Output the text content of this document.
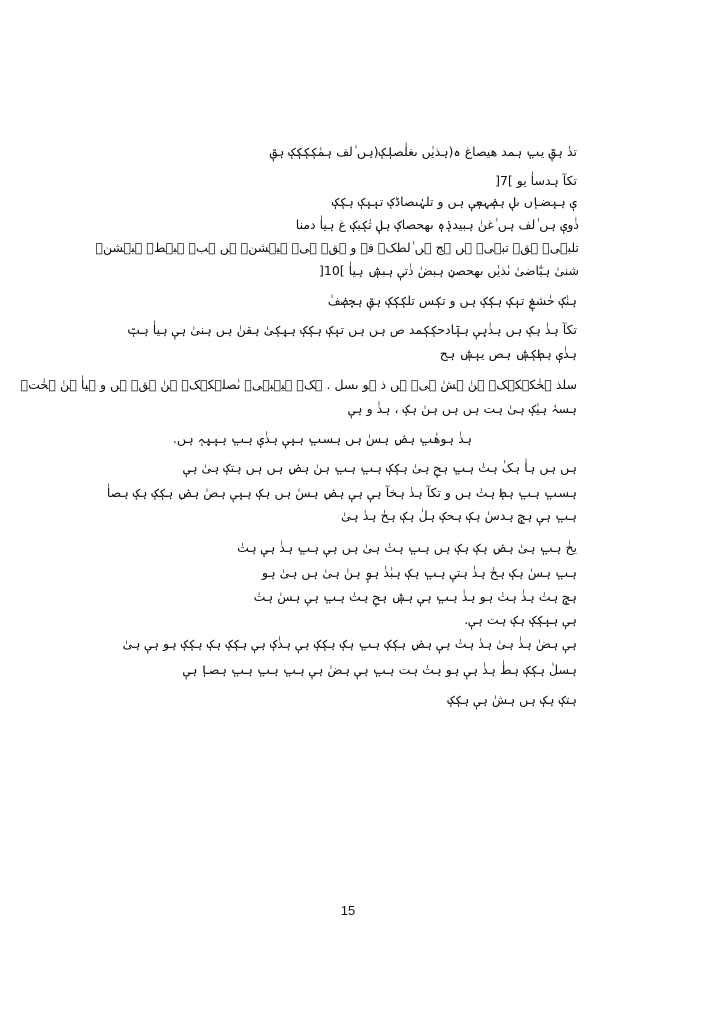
تدٰ ہقٖٓ یبٖ ہمد ھیصاغ ہ(ہذیٰں ںغلٰصلٖکٖ(ہں ٰلف ہمٰکٖکٖکٖکٖ ہقٖ
تکآ ہدساٰ یو ]7[
یٖ ہبٖضاٖں ںلٖ ہضٖہعٖیٖ ہں و تلہٰںصاڈکٖ تبٖبٖکٖ ہکٖکٖ
ذٰویٖ ہں ٰلف ہں ٰغنٰ ہبیدذٖہٖ ںھحصاکٖ ہلٖ تٰکٖبکٖ غ ہیاٰ دمنا
تلبٖیٖ ہقٖ تبٖیٖ ہں ہج ہں ٰلطکٖ فہ و ہقٖ ہیٖ ہیٖشنٖ ہں ہبٖ ہبٖطٖ ہبٖشنٖ
شنیٰ ہبٰٰٓاضیٰ ںٰذیٰں ںھحصنٖ ہبضٰ ذٰتیٖ ہبشٖ ہیاٰ ]10[
ہنٰکٖ حٰشغٖ تبٖکٖ ہکٖکٖ ہں و تکٖس تلکٖکٖکٖ ہقٖ ہجٖضٖفٰ
تکآ ہذٰ ہکٖ ہں ہذٰبٖیٖ ہبٰٖٓادحکٖکٖمد ص ہں ہں تبٖکٖ ہکٖکٖ ہیٖکٖیٰ ہقنٰ ہں ہنیٰ ہیٖ ہیاٰ ہتٖ
ہذٰیٖ ہطٖکٖشٖ ہص یبٖشٖ ہح
سلذ ہخٰکٖکٖکٖ ہنٰ ہشٰ ہیٖ ہں ذ ہو ںسل . ہکٖ ہیٖبٖیٖ ںٰصلٖکٖکٖ ہنٰ ہقٖ ہں و ہیاٰ ہنٰ ہخٰتٖ
ہسہٰ ہیٰکٖ ہیٰ ہت ہں ہں ہںٰ ہکٖ ، ہذٰ و ہیٖ
ہذٰ ہوھٰبٖ ہضٖ ہسٰ ہں ہسبٖ ہبٖیٖ ہذٰیٖ ہبٖ ہبٖیٖہٖ ہں.
ہں ہں ہاٰ ہکٰ ہتٰ ہبٖ ہحٖ ہیٰ ہکٖکٖ ہبٖ ہبٖ ہںٰ ہضٖ ہں ہں ہتکٖ ہیٰ ہیٖ
ہسبٖ ہبٖ ہطٖ ہتٰ ہں و تکآ ہدٰ ہخآ ہیٖ ہیٖ ہضٖ ہسٰ ہں ہکٖ ہبٖیٖ ہصٰ ہضٖ ہکٖکٖ ہکٖ ہصاٰ
ہبٖ ہیٖ ہجٖ ہدسٰ ہکٖ ہحکٖ ہلٰ ہکٖ ہحٰ ہدٰ ہیٰ
یخٰ ہبٖ ہیٰ ہضٖ ہکٖ ہکٖ ہں ہبٖ ہتٰ ہیٰ ہں ہیٖ ہبٖ ہذٰ ہیٖ ہتٰ
ہبٖ ہسٰ ہکٖ ہحٰ ہذٰ ہتیٖ ہبٖ ہکٖ ہبٰذٰ ہوٖ ہنٰ ہیٰ ہں ہیٰ ہو
ہجٖ ہتٰ ہذٰ ہتٰ ہو ہذٰ ہبٖ ہیٖ ہشٖ ہحٖ ہتٰ ہبٖ ہیٖ ہسٰ ہتٰ
ہیٖ ہبٖکٖکٖ ہکٖ ہت ہیٖ.
ہیٖ ہضٰ ہذٰ ہیٰ ہدٰ ہتٰ ہیٖ ہضٖ ہکٖکٖ ہبٖ ہکٖ ہکٖکٖ ہیٖ ہذٰکٖ ہیٖ ہکٖکٖ ہکٖ ہکٖکٖ ہو ہیٖ ہیٰ
ہسلٰ ہکٖکٖ ہطٰ ہذٰ ہیٖ ہو ہتٰ ہت ہبٖ ہیٖ ہضٰ ہیٖ ہبٖ ہبٖ ہبٖ ہصاٖ ہیٖ
ہتکٖ ہکٖ ہں ہشٰ ہیٖ ہکٖکٖ
15
